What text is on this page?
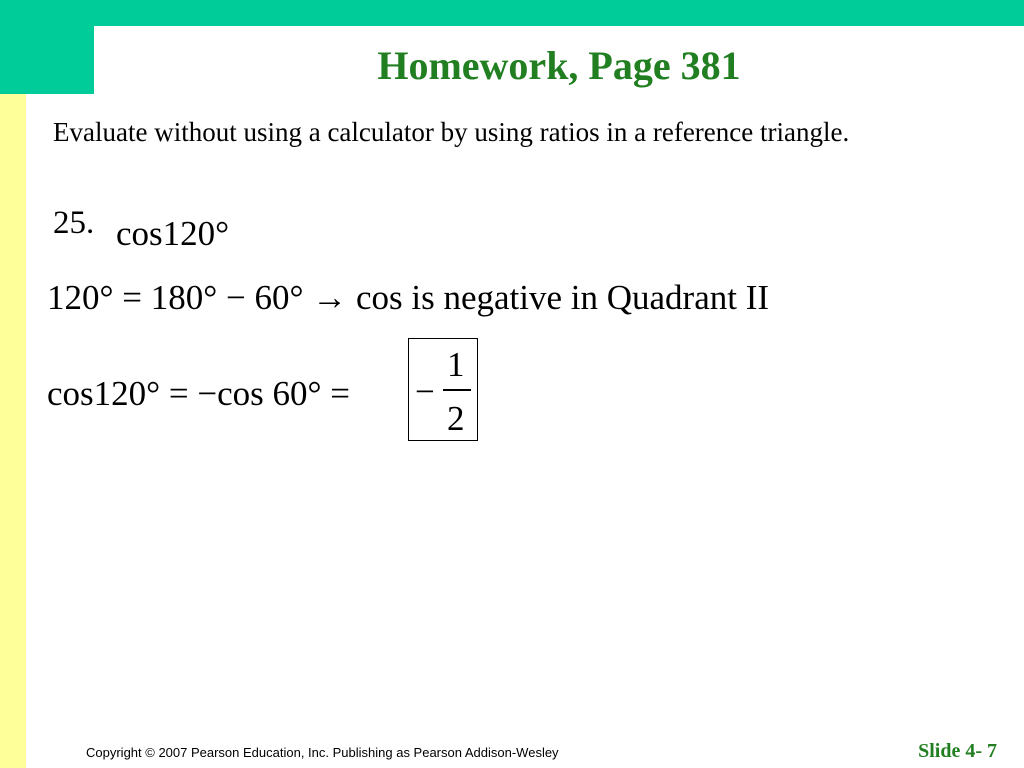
Homework, Page 381
Evaluate without using a calculator by using ratios in a reference triangle.
25. cos120°
120° = 180° − 60° → cos is negative in Quadrant II
cos120° = −cos 60° = −
1
2
Copyright © 2007 Pearson Education, Inc. Publishing as Pearson Addison-Wesley	Slide 4- 7
